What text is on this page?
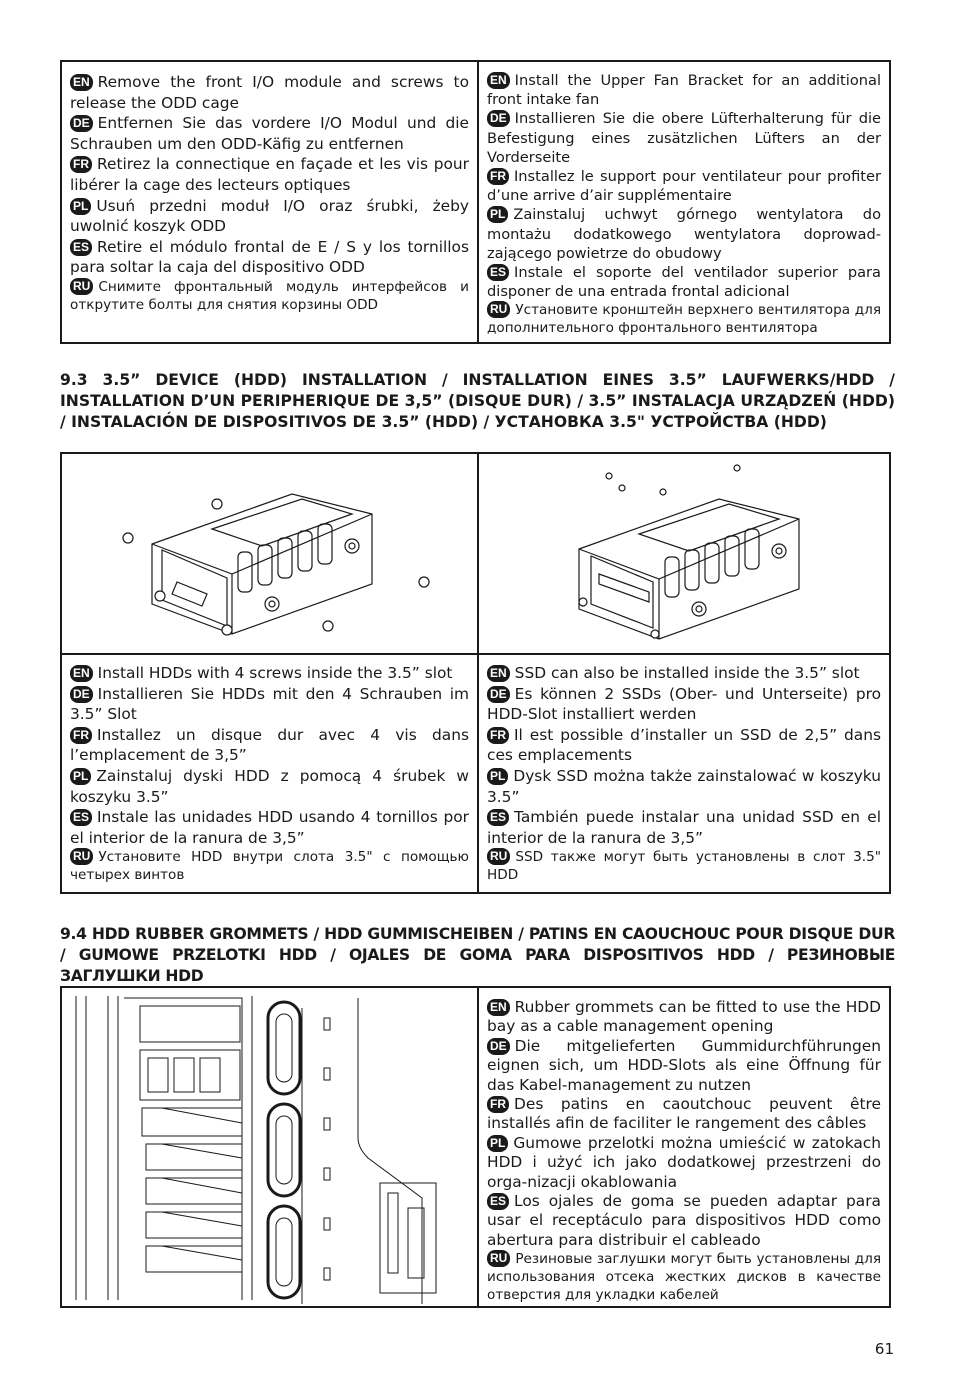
EN Remove the front I/O module and screws to release the ODD cage

DE Entfernen Sie das vordere I/O Modul und die Schrauben um den ODD-Käfig zu entfernen

FR Retirez la connectique en façade et les vis pour libérer la cage des lecteurs optiques

PL Usuń przedni moduł I/O oraz śrubki, żeby uwolnić koszyk ODD

ES Retire el módulo frontal de E / S y los tornillos para soltar la caja del dispositivo ODD

RU Снимите фронтальный модуль интерфейсов и открутите болты для снятия корзины ODD

EN Install the Upper Fan Bracket for an additional front intake fan

DE Installieren Sie die obere Lüfterhalterung für die Befestigung eines zusätzlichen Lüfters an der Vorderseite

FR Installez le support pour ventilateur pour profiter d’une arrive d’air supplémentaire

PL Zainstaluj uchwyt górnego wentylatora do montażu dodatkowego wentylatora doprowad-zającego powietrze do obudowy

ES Instale el soporte del ventilador superior para disponer de una entrada frontal adicional

RU Установите кронштейн верхнего вентилятора для дополнительного фронтального вентилятора

9.3 3.5” DEVICE (HDD) INSTALLATION / INSTALLATION EINES 3.5” LAUFWERKS/HDD / INSTALLATION D’UN PERIPHERIQUE DE 3,5” (DISQUE DUR) / 3.5” INSTALACJA URZĄDZEŃ (HDD) / INSTALACIÓN DE DISPOSITIVOS DE 3.5” (HDD) / УСТАНОВКА 3.5" УСТРОЙСТВА (HDD)

EN Install HDDs with 4 screws inside the 3.5” slot

DE Installieren Sie HDDs mit den 4 Schrauben im 3.5” Slot

FR Installez un disque dur avec 4 vis dans l’emplacement de 3,5”

PL Zainstaluj dyski HDD z pomocą 4 śrubek w koszyku 3.5”

ES Instale las unidades HDD usando 4 tornillos por el interior de la ranura de 3,5”

RU Установите HDD внутри слота 3.5" с помощью четырех винтов

EN SSD can also be installed inside the 3.5” slot

DE Es können 2 SSDs (Ober- und Unterseite) pro HDD-Slot installiert werden

FR Il est possible d’installer un SSD de 2,5” dans ces emplacements

PL Dysk SSD można także zainstalować w koszyku 3.5”

ES También puede instalar una unidad SSD en el interior de la ranura de 3,5”

RU SSD также могут быть установлены в слот 3.5" HDD

9.4 HDD RUBBER GROMMETS / HDD GUMMISCHEIBEN / PATINS EN CAOUCHOUC POUR DISQUE DUR / GUMOWE PRZELOTKI HDD / OJALES DE GOMA PARA DISPOSITIVOS HDD / РЕЗИНОВЫЕ ЗАГЛУШКИ HDD

EN Rubber grommets can be fitted to use the HDD bay as a cable management opening

DE Die mitgelieferten Gummidurchführungen eignen sich, um HDD-Slots als eine Öffnung für das Kabel-management zu nutzen

FR Des patins en caoutchouc peuvent être installés afin de faciliter le rangement des câbles

PL Gumowe przelotki można umieścić w zatokach HDD i użyć ich jako dodatkowej przestrzeni do orga-nizacji okablowania

ES Los ojales de goma se pueden adaptar para usar el receptáculo para dispositivos HDD como abertura para distribuir el cableado

RU Резиновые заглушки могут быть установлены для использования отсека жестких дисков в качестве отверстия для укладки кабелей

61
